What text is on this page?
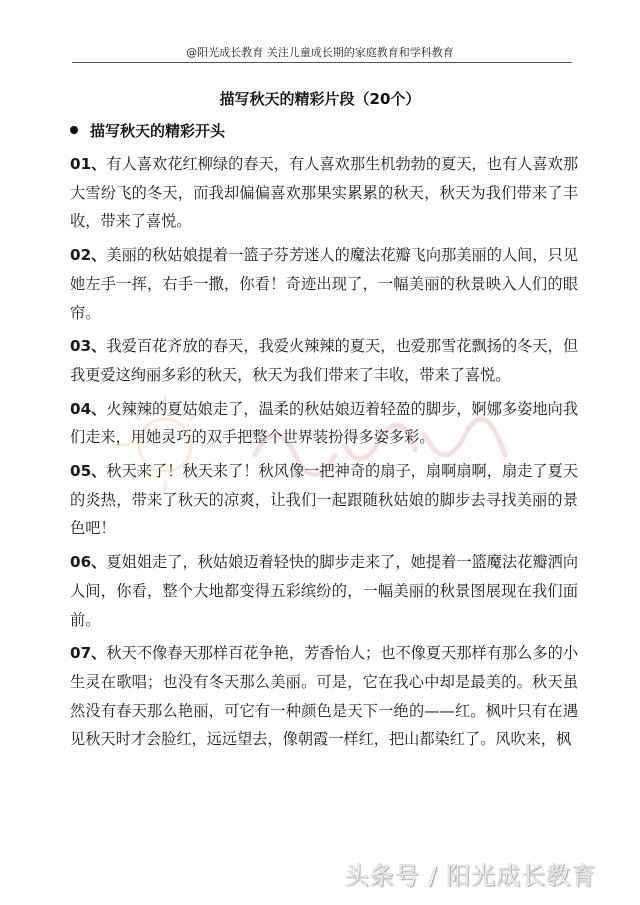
@阳光成长教育 关注儿童成长期的家庭教育和学科教育
描写秋天的精彩片段（20个）
描写秋天的精彩开头

01、有人喜欢花红柳绿的春天，有人喜欢那生机勃勃的夏天，也有人喜欢那大雪纷飞的冬天，而我却偏偏喜欢那果实累累的秋天，秋天为我们带来了丰收，带来了喜悦。

02、美丽的秋姑娘提着一篮子芬芳迷人的魔法花瓣飞向那美丽的人间，只见她左手一挥，右手一撒，你看！奇迹出现了，一幅美丽的秋景映入人们的眼帘。

03、我爱百花齐放的春天，我爱火辣辣的夏天，也爱那雪花飘扬的冬天，但我更爱这绚丽多彩的秋天，秋天为我们带来了丰收，带来了喜悦。

04、火辣辣的夏姑娘走了，温柔的秋姑娘迈着轻盈的脚步，婀娜多姿地向我们走来，用她灵巧的双手把整个世界装扮得多姿多彩。

05、秋天来了！秋天来了！秋风像一把神奇的扇子，扇啊扇啊，扇走了夏天的炎热，带来了秋天的凉爽，让我们一起跟随秋姑娘的脚步去寻找美丽的景色吧！

06、夏姐姐走了，秋姑娘迈着轻快的脚步走来了，她提着一篮魔法花瓣洒向人间，你看，整个大地都变得五彩缤纷的，一幅美丽的秋景图展现在我们面前。

07、秋天不像春天那样百花争艳，芳香怡人；也不像夏天那样有那么多的小生灵在歌唱；也没有冬天那么美丽。可是，它在我心中却是最美的。秋天虽然没有春天那么艳丽，可它有一种颜色是天下一绝的——红。枫叶只有在遇见秋天时才会脸红，远远望去，像朝霞一样红，把山都染红了。风吹来，枫

头条号 / 阳光成长教育
